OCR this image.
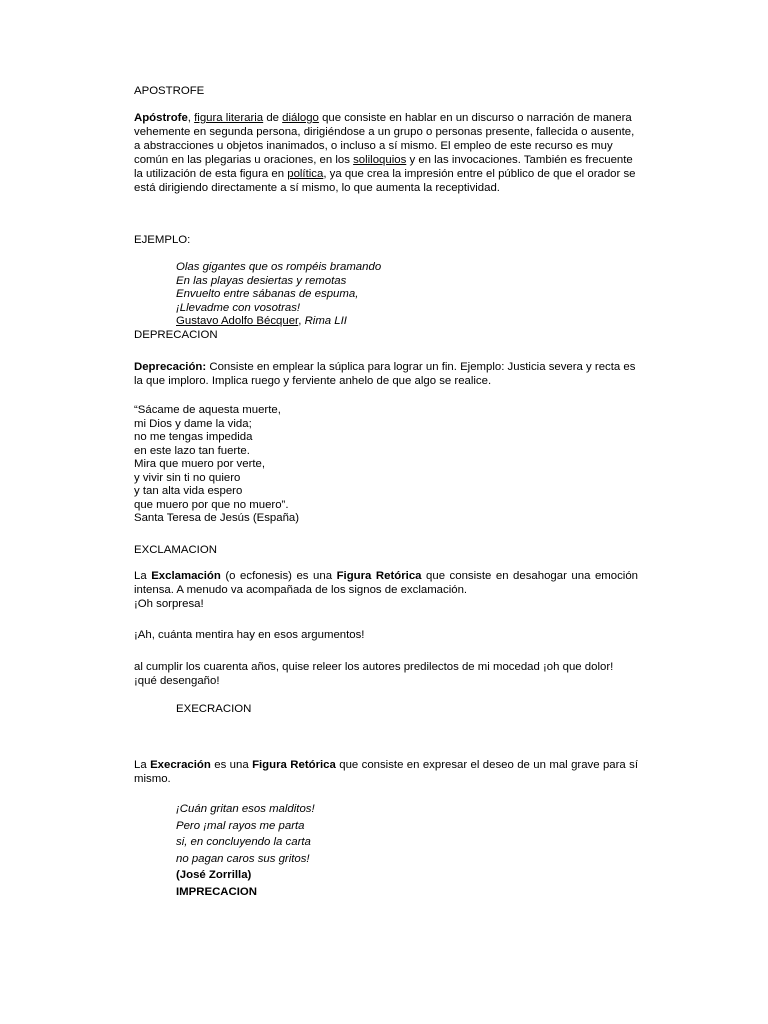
APOSTROFE

Apóstrofe, figura literaria de diálogo que consiste en hablar en un discurso o narración de manera vehemente en segunda persona, dirigiéndose a un grupo o personas presente, fallecida o ausente, a abstracciones u objetos inanimados, o incluso a sí mismo. El empleo de este recurso es muy común en las plegarias u oraciones, en los soliloquios y en las invocaciones. También es frecuente la utilización de esta figura en política, ya que crea la impresión entre el público de que el orador se está dirigiendo directamente a sí mismo, lo que aumenta la receptividad.

EJEMPLO:

Olas gigantes que os rompéis bramando
En las playas desiertas y remotas
Envuelto entre sábanas de espuma,
¡Llevadme con vosotras!
Gustavo Adolfo Bécquer, Rima LII

DEPRECACION

Deprecación: Consiste en emplear la súplica para lograr un fin. Ejemplo: Justicia severa y recta es la que imploro. Implica ruego y ferviente anhelo de que algo se realice.

“Sácame de aquesta muerte,
mi Dios y dame la vida;
no me tengas impedida
en este lazo tan fuerte.
Mira que muero por verte,
y vivir sin ti no quiero
y tan alta vida espero
que muero por que no muero”.
Santa Teresa de Jesús (España)

EXCLAMACION

La Exclamación (o ecfonesis) es una Figura Retórica que consiste en desahogar una emoción intensa. A menudo va acompañada de los signos de exclamación.

¡Oh sorpresa!

¡Ah, cuánta mentira hay en esos argumentos!

al cumplir los cuarenta años, quise releer los autores predilectos de mi mocedad ¡oh que dolor! ¡qué desengaño!

EXECRACION

La Execración es una Figura Retórica que consiste en expresar el deseo de un mal grave para sí mismo.

¡Cuán gritan esos malditos!
Pero ¡mal rayos me parta
si, en concluyendo la carta
no pagan caros sus gritos!
(José Zorrilla)
IMPRECACION
